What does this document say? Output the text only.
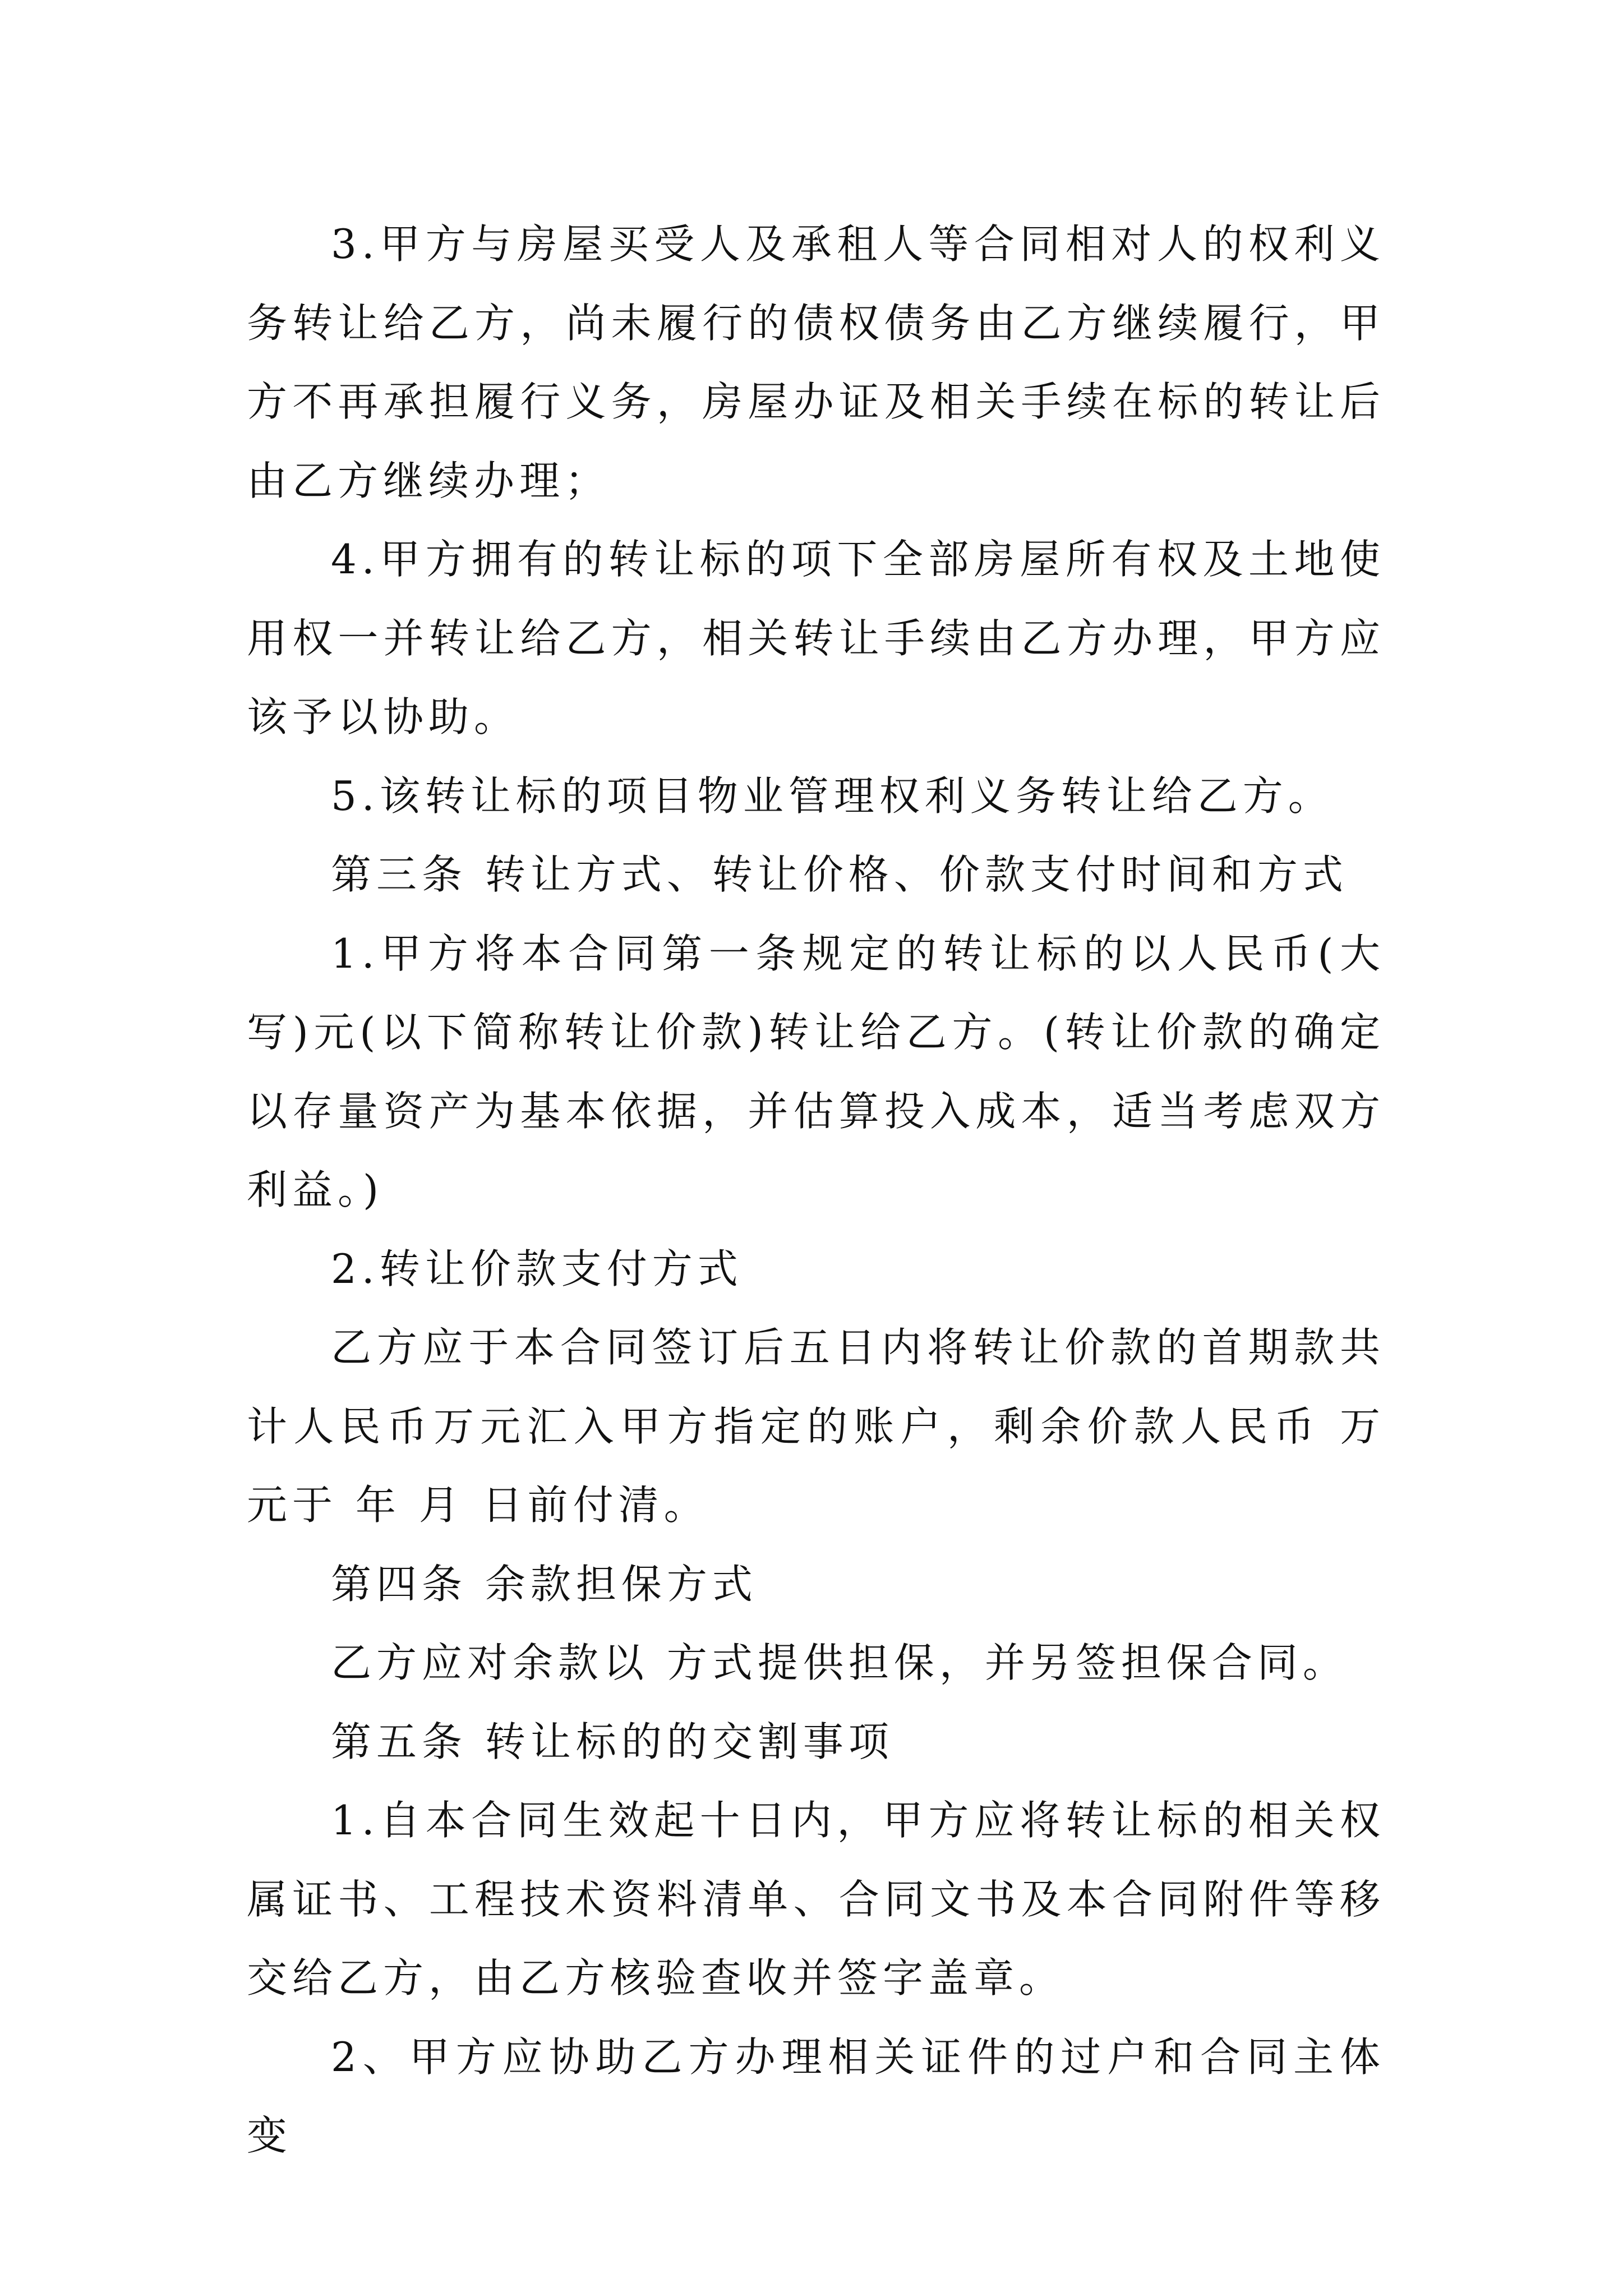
3.甲方与房屋买受人及承租人等合同相对人的权利义务转让给乙方，尚未履行的债权债务由乙方继续履行，甲方不再承担履行义务，房屋办证及相关手续在标的转让后由乙方继续办理；

4.甲方拥有的转让标的项下全部房屋所有权及土地使用权一并转让给乙方，相关转让手续由乙方办理，甲方应该予以协助。

5.该转让标的项目物业管理权利义务转让给乙方。

第三条 转让方式、转让价格、价款支付时间和方式

1.甲方将本合同第一条规定的转让标的以人民币(大写)元(以下简称转让价款)转让给乙方。(转让价款的确定以存量资产为基本依据，并估算投入成本，适当考虑双方利益。)

2.转让价款支付方式

乙方应于本合同签订后五日内将转让价款的首期款共计人民币万元汇入甲方指定的账户，剩余价款人民币 万元于 年 月 日前付清。

第四条 余款担保方式

乙方应对余款以 方式提供担保，并另签担保合同。

第五条 转让标的的交割事项

1.自本合同生效起十日内，甲方应将转让标的相关权属证书、工程技术资料清单、合同文书及本合同附件等移交给乙方，由乙方核验查收并签字盖章。

2、甲方应协助乙方办理相关证件的过户和合同主体变
